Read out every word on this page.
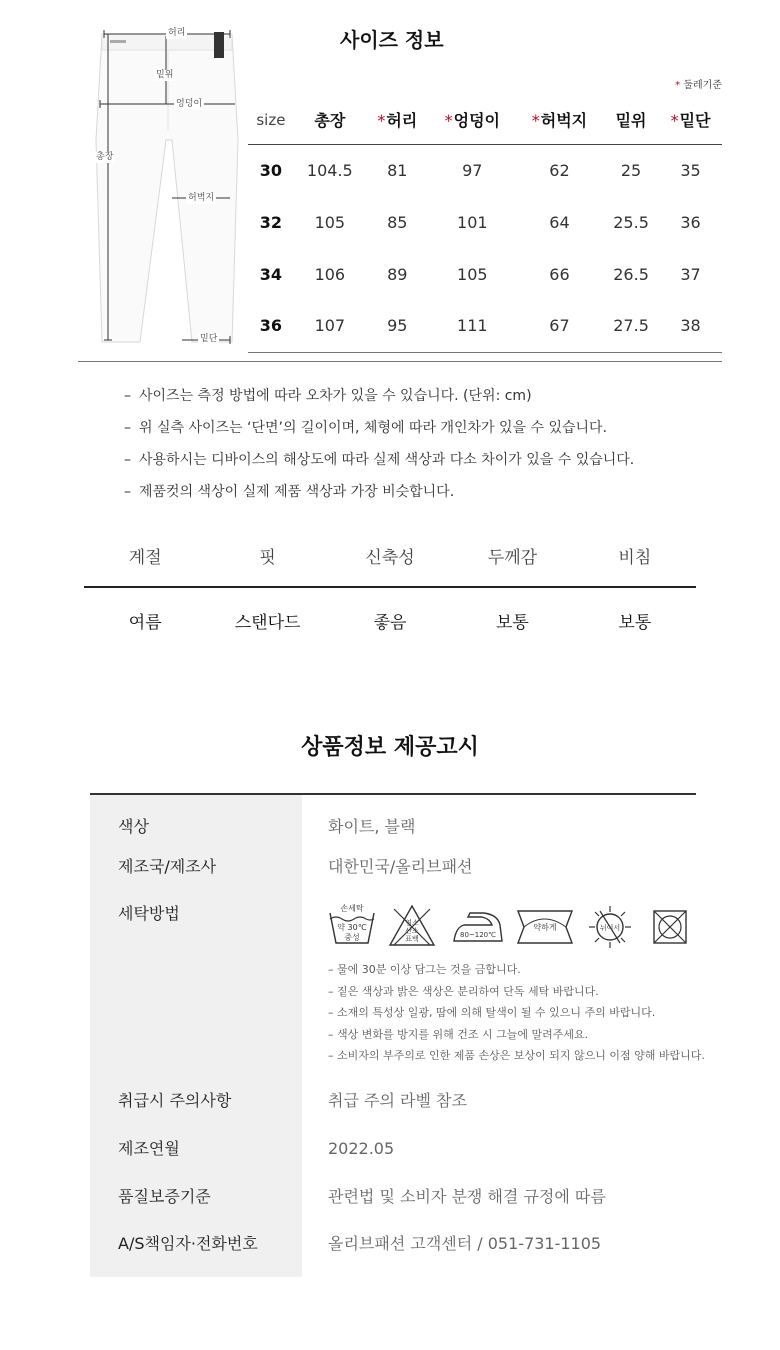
허리
밑위
엉덩이
총장
허벅지
밑단
사이즈 정보
* 둘레기준
size	총장	*허리	*엉덩이	*허벅지	밑위	*밑단
30	104.5	81	97	62	25	35
32	105	85	101	64	25.5	36
34	106	89	105	66	26.5	37
36	107	95	111	67	27.5	38
– 사이즈는 측정 방법에 따라 오차가 있을 수 있습니다. (단위: cm)
– 위 실측 사이즈는 ‘단면’의 길이이며, 체형에 따라 개인차가 있을 수 있습니다.
– 사용하시는 디바이스의 해상도에 따라 실제 색상과 다소 차이가 있을 수 있습니다.
– 제품컷의 색상이 실제 제품 색상과 가장 비슷합니다.
계절	핏	신축성	두께감	비침
여름	스탠다드	좋음	보통	보통
상품정보 제공고시
색상	화이트, 블랙
제조국/제조사	대한민국/올리브패션
세탁방법	손세탁
약 30℃
중성
염소
산소
표백	80~120℃
약하게	뉘어서
– 물에 30분 이상 담그는 것을 금합니다.
– 짙은 색상과 밝은 색상은 분리하여 단독 세탁 바랍니다.
– 소재의 특성상 일광, 땀에 의해 탈색이 될 수 있으니 주의 바랍니다.
– 색상 변화를 방지를 위해 건조 시 그늘에 말려주세요.
– 소비자의 부주의로 인한 제품 손상은 보상이 되지 않으니 이점 양해 바랍니다.
취급시 주의사항	취급 주의 라벨 참조
제조연월	2022.05
품질보증기준	관련법 및 소비자 분쟁 해결 규정에 따름
A/S책임자·전화번호	올리브패션 고객센터 / 051-731-1105
